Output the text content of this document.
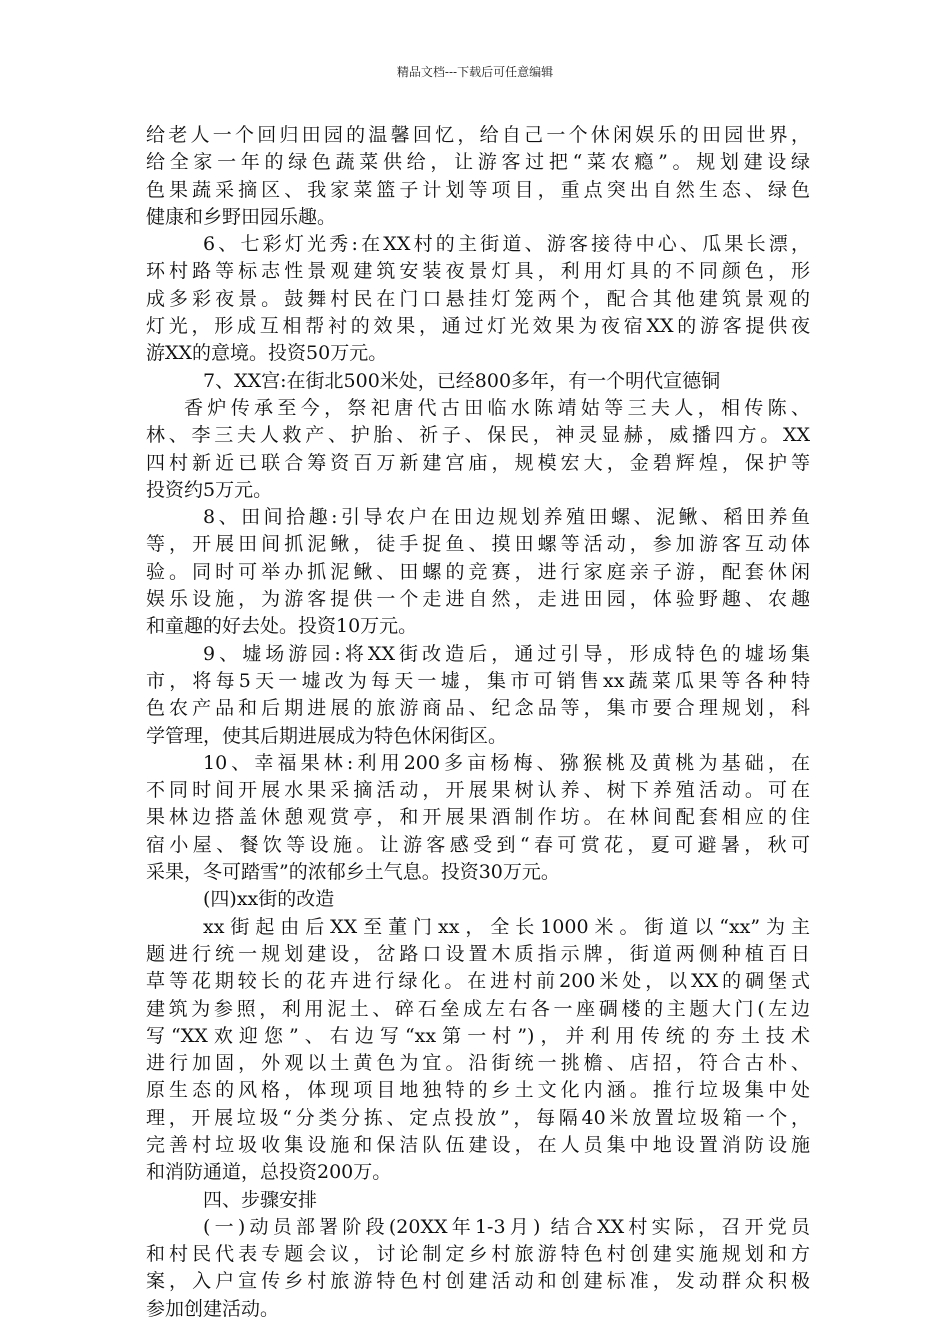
精品文档---下载后可任意编辑
给老人一个回归田园的温馨回忆，给自己一个休闲娱乐的田园世界，
给全家一年的绿色蔬菜供给，让游客过把“菜农瘾”。规划建设绿
色果蔬采摘区、我家菜篮子计划等项目，重点突出自然生态、绿色
健康和乡野田园乐趣。
6、七彩灯光秀:在XX村的主街道、游客接待中心、瓜果长漂，
环村路等标志性景观建筑安装夜景灯具，利用灯具的不同颜色，形
成多彩夜景。鼓舞村民在门口悬挂灯笼两个，配合其他建筑景观的
灯光，形成互相帮衬的效果，通过灯光效果为夜宿XX的游客提供夜
游XX的意境。投资50万元。
7、XX宫:在街北500米处，已经800多年，有一个明代宣德铜
香炉传承至今，祭祀唐代古田临水陈靖姑等三夫人，相传陈、
林、李三夫人救产、护胎、祈子、保民，神灵显赫，威播四方。XX
四村新近已联合筹资百万新建宫庙，规模宏大，金碧辉煌，保护等
投资约5万元。
8、田间拾趣:引导农户在田边规划养殖田螺、泥鳅、稻田养鱼
等，开展田间抓泥鳅，徒手捉鱼、摸田螺等活动，参加游客互动体
验。同时可举办抓泥鳅、田螺的竞赛，进行家庭亲子游，配套休闲
娱乐设施，为游客提供一个走进自然，走进田园，体验野趣、农趣
和童趣的好去处。投资10万元。
9、墟场游园:将XX街改造后，通过引导，形成特色的墟场集
市，将每5天一墟改为每天一墟，集市可销售xx蔬菜瓜果等各种特
色农产品和后期进展的旅游商品、纪念品等，集市要合理规划，科
学管理，使其后期进展成为特色休闲街区。
10、幸福果林:利用200多亩杨梅、猕猴桃及黄桃为基础，在
不同时间开展水果采摘活动，开展果树认养、树下养殖活动。可在
果林边搭盖休憩观赏亭，和开展果酒制作坊。在林间配套相应的住
宿小屋、餐饮等设施。让游客感受到“春可赏花，夏可避暑，秋可
采果，冬可踏雪”的浓郁乡土气息。投资30万元。
(四)xx街的改造
xx街起由后XX至董门xx，全长1000米。街道以“xx”为主
题进行统一规划建设，岔路口设置木质指示牌，街道两侧种植百日
草等花期较长的花卉进行绿化。在进村前200米处，以XX的碉堡式
建筑为参照，利用泥土、碎石垒成左右各一座碉楼的主题大门(左边
写“XX欢迎您”、右边写“xx第一村”)，并利用传统的夯土技术
进行加固，外观以土黄色为宜。沿街统一挑檐、店招，符合古朴、
原生态的风格，体现项目地独特的乡土文化内涵。推行垃圾集中处
理，开展垃圾“分类分拣、定点投放”，每隔40米放置垃圾箱一个，
完善村垃圾收集设施和保洁队伍建设，在人员集中地设置消防设施
和消防通道，总投资200万。
四、步骤安排
(一)动员部署阶段(20XX年1-3月) 结合XX村实际，召开党员
和村民代表专题会议，讨论制定乡村旅游特色村创建实施规划和方
案，入户宣传乡村旅游特色村创建活动和创建标准，发动群众积极
参加创建活动。
